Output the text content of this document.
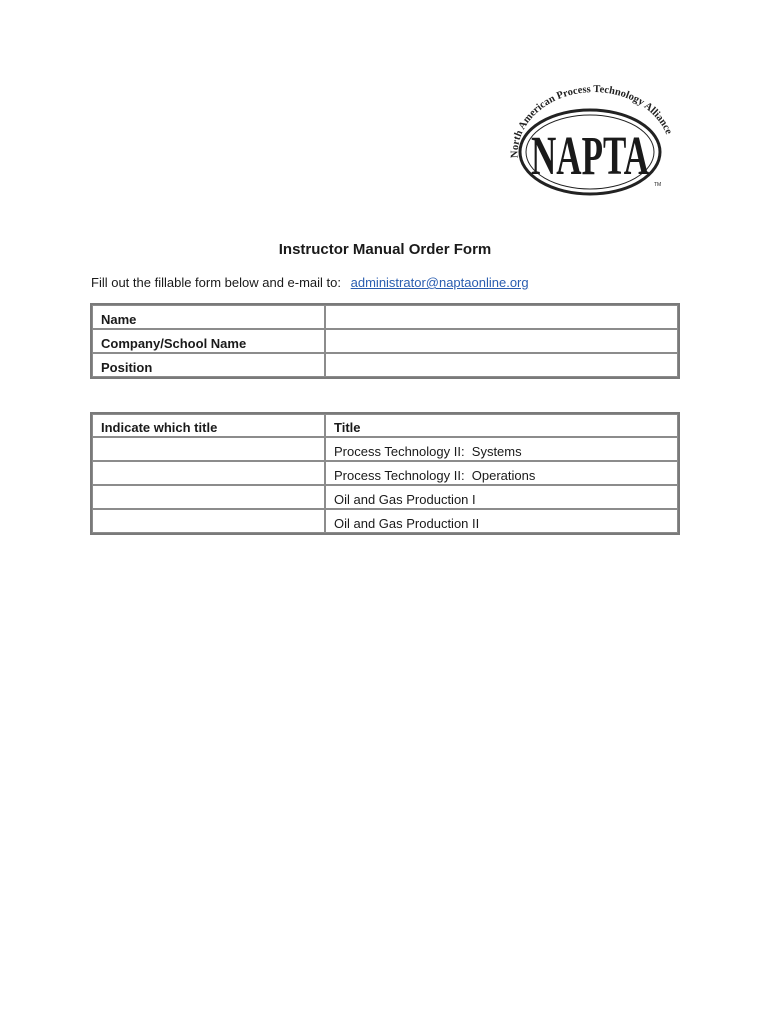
North American Process Technology Alliance
NAPTA TM
Instructor Manual Order Form
Fill out the fillable form below and e-mail to: administrator@naptaonline.org
Name	
Company/School Name	
Position	
Indicate which title	Title
	Process Technology II:  Systems
	Process Technology II:  Operations
	Oil and Gas Production I
	Oil and Gas Production II
